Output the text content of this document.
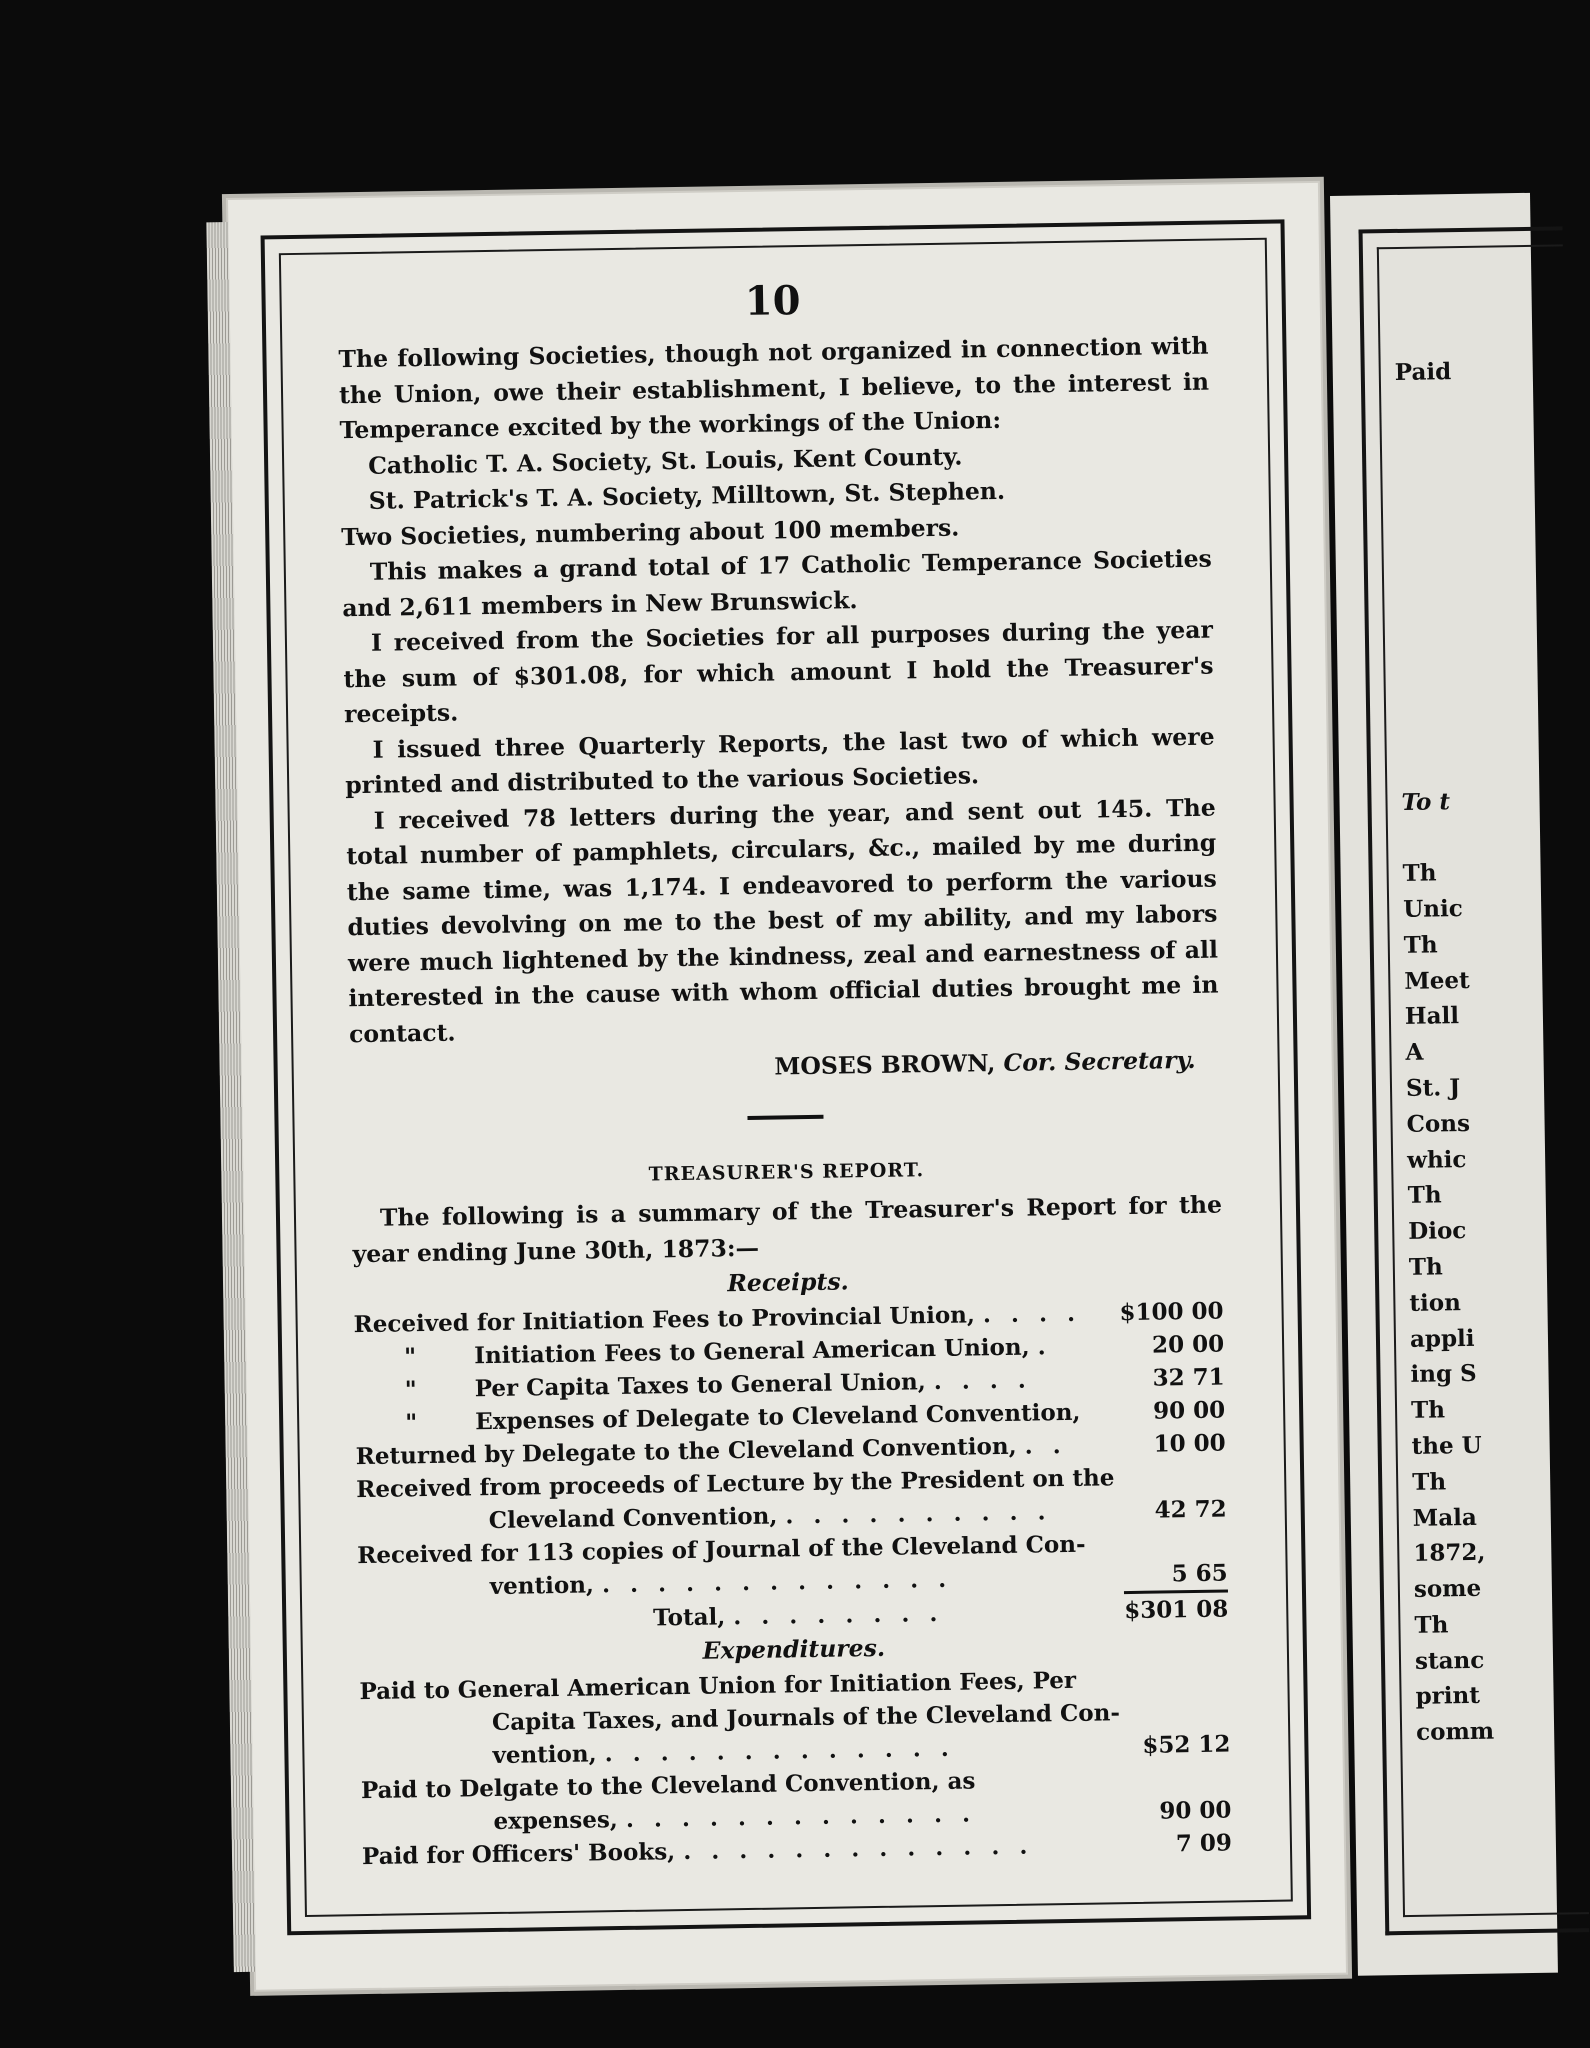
10

The following Societies, though not organized in connection with the Union, owe their establishment, I believe, to the interest in Temperance excited by the workings of the Union:

Catholic T. A. Society, St. Louis, Kent County.

St. Patrick's T. A. Society, Milltown, St. Stephen.

Two Societies, numbering about 100 members.

This makes a grand total of 17 Catholic Temperance Societies and 2,611 members in New Brunswick.

I received from the Societies for all purposes during the year the sum of $301.08, for which amount I hold the Treasurer's receipts.

I issued three Quarterly Reports, the last two of which were printed and distributed to the various Societies.

I received 78 letters during the year, and sent out 145. The total number of pamphlets, circulars, &c., mailed by me during the same time, was 1,174. I endeavored to perform the various duties devolving on me to the best of my ability, and my labors were much lightened by the kindness, zeal and earnestness of all interested in the cause with whom official duties brought me in contact.

MOSES BROWN, Cor. Secretary.
TREASURER'S REPORT.

The following is a summary of the Treasurer's Report for the year ending June 30th, 1873:—

Receipts.
Received for Initiation Fees to Provincial Union, . . . .	$100 00
" Initiation Fees to General American Union, .	20 00
" Per Capita Taxes to General Union, . . . .	32 71
" Expenses of Delegate to Cleveland Convention,	90 00
Returned by Delegate to the Cleveland Convention, . .	10 00
Received from proceeds of Lecture by the President on the
Cleveland Convention, . . . . . . . . . .	42 72
Received for 113 copies of Journal of the Cleveland Con-
vention, . . . . . . . . . . . . .	5 65
Total, . . . . . . . .	$301 08
Expenditures.
Paid to General American Union for Initiation Fees, Per
Capita Taxes, and Journals of the Cleveland Con-
vention, . . . . . . . . . . . . .	$52 12
Paid to Delgate to the Cleveland Convention, as
expenses, . . . . . . . . . . . . .	90 00
Paid for Officers' Books, . . . . . . . . . . . . .	7 09
Paid
To t
Th
Unic
Th
Meet
Hall
A
St. J
Cons
whic
Th
Dioc
Th
tion
appli
ing S
Th
the U
Th
Mala
1872,
some
Th
stanc
print
comm
